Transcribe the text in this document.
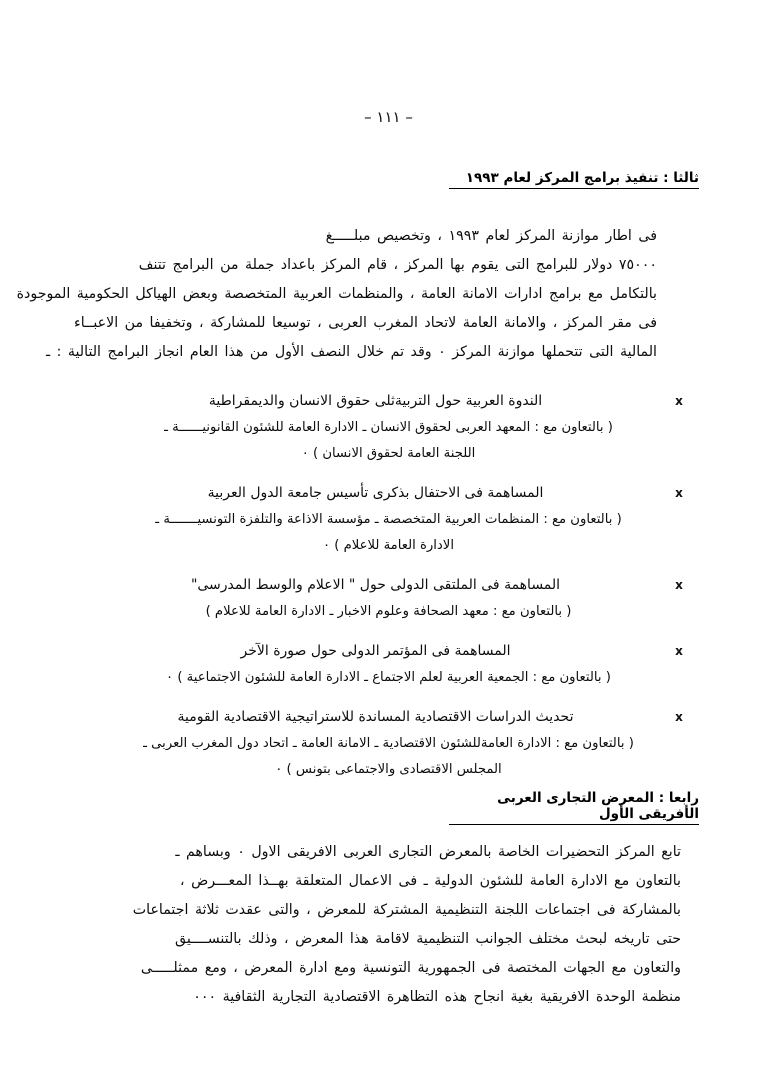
– ١١١ –
ثالثا : تنفيذ برامج المركز لعام ١٩٩٣
فى اطار موازنة المركز لعام ١٩٩٣ ، وتخصيص مبلـــــغ
٧٥٠٠٠ دولار للبرامج التى يقوم بها المركز ، قام المركز باعداد جملة من البرامج تتنف
بالتكامل مع برامج ادارات الامانة العامة ، والمنظمات العربية المتخصصة وبعض الهياكل الحكومية الموجودة
فى مقر المركز ، والامانة العامة لاتحاد المغرب العربى ، توسيعا للمشاركة ، وتخفيفا من الاعبــاء
المالية التى تتحملها موازنة المركز ٠ وقد تم خلال النصف الأول من هذا العام انجاز البرامج التالية : ـ
x
الندوة العربية حول التربيةثلى حقوق الانسان والديمقراطية
( بالتعاون مع : المعهد العربى لحقوق الانسان ـ الادارة العامة للشئون القانونيــــــة ـ
اللجنة العامة لحقوق الانسان ) ٠
x
المساهمة فى الاحتفال بذكرى تأسيس جامعة الدول العربية
( بالتعاون مع : المنظمات العربية المتخصصة ـ مؤسسة الاذاعة والتلفزة التونسيـــــــة ـ
الادارة العامة للاعلام ) ٠
x
المساهمة فى الملتقى الدولى حول " الاعلام والوسط المدرسى"
( بالتعاون مع : معهد الصحافة وعلوم الاخبار ـ الادارة العامة للاعلام )
x
المساهمة فى المؤتمر الدولى حول صورة الآخر
( بالتعاون مع : الجمعية العربية لعلم الاجتماع ـ الادارة العامة للشئون الاجتماعية ) ٠
x
تحديث الدراسات الاقتصادية المساندة للاستراتيجية الاقتصادية القومية
( بالتعاون مع : الادارة العامةللشئون الاقتصادية ـ الامانة العامة ـ اتحاد دول المغرب العربى ـ
المجلس الاقتصادى والاجتماعى بتونس ) ٠
رابعا : المعرض التجارى العربى الأفريقى الأول
تابع المركز التحضيرات الخاصة بالمعرض التجارى العربى الافريقى الاول ٠ وبساهم ـ
بالتعاون مع الادارة العامة للشئون الدولية ـ فى الاعمال المتعلقة بهــذا المعـــرض ،
بالمشاركة فى اجتماعات اللجنة التنظيمية المشتركة للمعرض ، والتى عقدت ثلاثة اجتماعات
حتى تاريخه لبحث مختلف الجوانب التنظيمية لاقامة هذا المعرض ، وذلك بالتنســــيق
والتعاون مع الجهات المختصة فى الجمهورية التونسية ومع ادارة المعرض ، ومع ممثلـــــى
منظمة الوحدة الافريقية بغية انجاح هذه التظاهرة الاقتصادية التجارية الثقافية ٠٠٠
